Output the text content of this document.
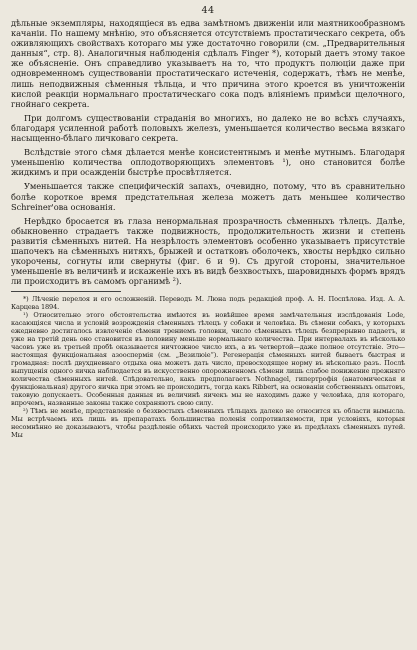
44

дѣльные экземпляры, находящiеся въ едва замѣтномъ движенiи или маятникообразномъ качанiи. По нашему мнѣнiю, это объясняется отсутствiемъ простатическаго секрета, объ оживляющихъ свойствахъ котораго мы уже достаточно говорили (см. „Предварительныя данныя“, стр. 8). Аналогичныя наблюденiя сдѣлалъ Finger *), который даетъ этому такое же объясненiе. Онъ справедливо указываетъ на то, что продуктъ полюцiи даже при одновременномъ существованiи простатическаго истеченiя, содержатъ, тѣмъ не менѣе, лишь неподвижныя сѣменныя тѣльца, и что причина этого кроется въ уничтоженiи кислой реакцiи нормальнаго простатическаго сока подъ влiянiемъ примѣси щелочного, гнойнаго секрета.

При долгомъ существованiи страданiя во многихъ, но далеко не во всѣхъ случаяхъ, благодаря усиленной работѣ половыхъ железъ, уменьшается количество весьма вязкаго насыщенно-бѣлаго личковаго секрета.

Вслѣдствiе этого сѣмя дѣлается менѣе консистентнымъ и менѣе мутнымъ. Благодаря уменьшенiю количества оплодотворяющихъ элементовъ ¹), оно становится болѣе жидкимъ и при осажденiи быстрѣе просвѣтляется.

Уменьшается также специфическiй запахъ, очевидно, потому, что въ сравнительно болѣе короткое время предстательная железа можетъ дать меньшее количество Schreiner'ова основанiя.

Нерѣдко бросается въ глаза ненормальная прозрачность сѣменныхъ тѣлецъ. Далѣе, обыкновенно страдаетъ также подвижность, продолжительность жизни и степень развитiя сѣменныхъ нитей. На незрѣлость элементовъ особенно указываетъ присутствiе шапочекъ на сѣменныхъ нитяхъ, брыжей и остатковъ оболочекъ, хвосты нерѣдко сильно укорочены, согнуты или свернуты (фиг. 6 и 9). Съ другой стороны, значительное уменьшенiе въ величинѣ и искаженiе ихъ въ видѣ безхвостыхъ, шаровидныхъ формъ врядъ ли происходитъ въ самомъ органимѣ ²).

*) Лѣченiе перелоя и его осложненiй. Переводъ М. Люна подъ редакцiей проф. А. Н. Поспѣлова. Изд. А. А. Карцева 1894.

¹) Относительно этого обстоятельства имѣются въ новѣйшее время замѣчательныя изслѣдованiя Lode, касающiяся числа и условiй возрожденiя сѣменныхъ тѣлецъ у собаки и человѣка. Въ сѣмени собакъ, у которыхъ ежедневно достигалось извлеченiе сѣмени трениемъ головки, число сѣменныхъ тѣлецъ безпрерывно падаетъ, и уже на третiй день оно становится въ половину меньше нормальнаго количества. При интервалахъ въ нѣсколько часовъ уже въ третьей пробѣ оказывается ничтожное число ихъ, а въ четвертой—даже полное отсутствiе. Это—настоящая функцiональная азооспермiя (см. „Везилюiе“). Регенерацiя сѣменныхъ нитей бываетъ быстрая и громадная: послѣ двухдневнаго отдыха она можетъ дать число, превосходящее норму въ нѣсколько разъ. Послѣ выпущенiя одного яичка наблюдается въ искусственно опорожненномъ сѣмени лишь слабое понижение прежняго количества сѣменныхъ нитей. Слѣдовательно, какъ предполагаетъ Nothnagel, гипертрофiя (анатомическая и функцiональная) другого яичка при этомъ не происходитъ, тогда какъ Ribbert, на основанiи собственныхъ опытовъ, таковую допускаетъ. Особенныя данныя въ величинѣ яичекъ мы не находимъ даже у человѣка, для котораго, впрочемъ, названные законы также сохраняютъ свою силу.

²) Тѣмъ не менѣе, представленiе о безхвостыхъ сѣменныхъ тѣльцахъ далеко не относится къ области вымысла. Мы встрѣчаемъ ихъ лишь въ препаратахъ большинства поленiя сопротивляемости, при условiяхъ, которыя несомнѣнно не доказываютъ, чтобы раздѣленiе обѣихъ частей происходило уже въ предѣлахъ сѣменныхъ путей. Мы
